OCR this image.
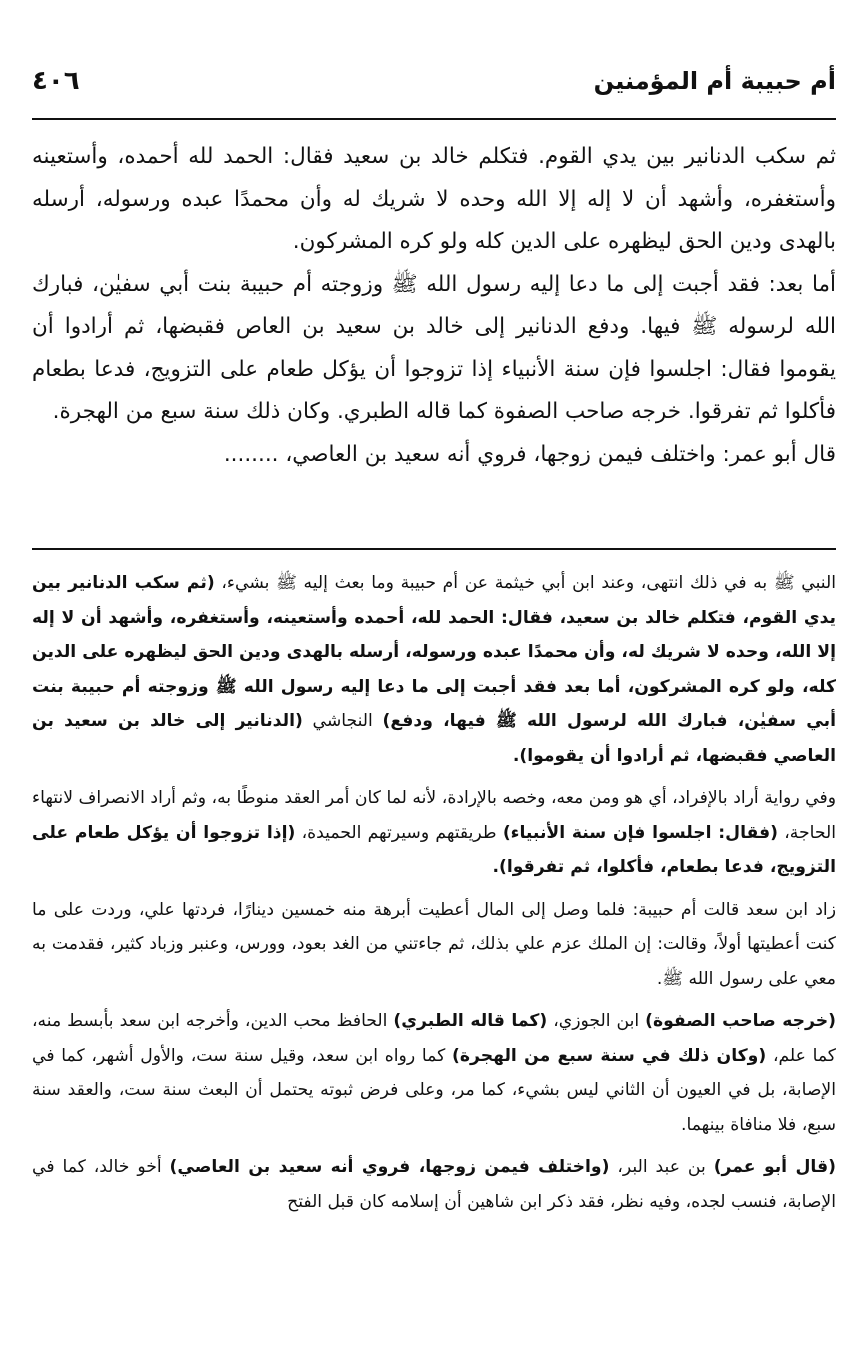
٤٠٦	أم حبيبة أم المؤمنين

ثم سكب الدنانير بين يدي القوم. فتكلم خالد بن سعيد فقال: الحمد لله أحمده، وأستعينه وأستغفره، وأشهد أن لا إله إلا الله وحده لا شريك له وأن محمدًا عبده ورسوله، أرسله بالهدى ودين الحق ليظهره على الدين كله ولو كره المشركون.

أما بعد: فقد أجبت إلى ما دعا إليه رسول الله ﷺ وزوجته أم حبيبة بنت أبي سفيٰن، فبارك الله لرسوله ﷺ فيها. ودفع الدنانير إلى خالد بن سعيد بن العاص فقبضها، ثم أرادوا أن يقوموا فقال: اجلسوا فإن سنة الأنبياء إذا تزوجوا أن يؤكل طعام على التزويج، فدعا بطعام فأكلوا ثم تفرقوا. خرجه صاحب الصفوة كما قاله الطبري. وكان ذلك سنة سبع من الهجرة.

قال أبو عمر: واختلف فيمن زوجها، فروي أنه سعيد بن العاصي، ........

النبي ﷺ به في ذلك انتهى، وعند ابن أبي خيثمة عن أم حبيبة وما بعث إليه ﷺ بشيء، (ثم سكب الدنانير بين يدي القوم، فتكلم خالد بن سعيد، فقال: الحمد لله، أحمده وأستعينه، وأستغفره، وأشهد أن لا إله إلا الله، وحده لا شريك له، وأن محمدًا عبده ورسوله، أرسله بالهدى ودين الحق ليظهره على الدين كله، ولو كره المشركون، أما بعد فقد أجبت إلى ما دعا إليه رسول الله ﷺ وزوجته أم حبيبة بنت أبي سفيٰن، فبارك الله لرسول الله ﷺ فيها، ودفع) النجاشي (الدنانير إلى خالد بن سعيد بن العاصي فقبضها، ثم أرادوا أن يقوموا).

وفي رواية أراد بالإفراد، أي هو ومن معه، وخصه بالإرادة، لأنه لما كان أمر العقد منوطًا به، وثم أراد الانصراف لانتهاء الحاجة، (فقال: اجلسوا فإن سنة الأنبياء) طريقتهم وسيرتهم الحميدة، (إذا تزوجوا أن يؤكل طعام على التزويج، فدعا بطعام، فأكلوا، ثم تفرقوا).

زاد ابن سعد قالت أم حبيبة: فلما وصل إلى المال أعطيت أبرهة منه خمسين دينارًا، فردتها علي، وردت على ما كنت أعطيتها أولاً، وقالت: إن الملك عزم علي بذلك، ثم جاءتني من الغد بعود، وورس، وعنبر وزباد كثير، فقدمت به معي على رسول الله ﷺ.

(خرجه صاحب الصفوة) ابن الجوزي، (كما قاله الطبري) الحافظ محب الدين، وأخرجه ابن سعد بأبسط منه، كما علم، (وكان ذلك في سنة سبع من الهجرة) كما رواه ابن سعد، وقيل سنة ست، والأول أشهر، كما في الإصابة، بل في العيون أن الثاني ليس بشيء، كما مر، وعلى فرض ثبوته يحتمل أن البعث سنة ست، والعقد سنة سبع، فلا منافاة بينهما.

(قال أبو عمر) بن عبد البر، (واختلف فيمن زوجها، فروي أنه سعيد بن العاصي) أخو خالد، كما في الإصابة، فنسب لجده، وفيه نظر، فقد ذكر ابن شاهين أن إسلامه كان قبل الفتح
